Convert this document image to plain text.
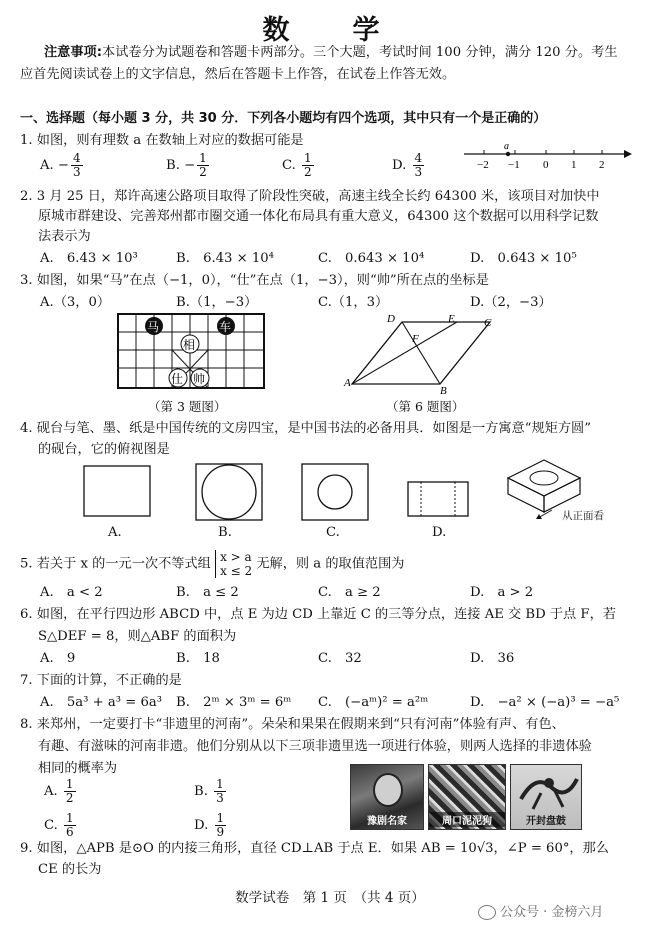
数　学
注意事项:本试卷分为试题卷和答题卡两部分。三个大题，考试时间 100 分钟，满分 120 分。考生
应首先阅读试卷上的文字信息，然后在答题卡上作答，在试卷上作答无效。
一、选择题（每小题 3 分，共 30 分．下列各小题均有四个选项，其中只有一个是正确的）
1. 如图，则有理数 a 在数轴上对应的数据可能是
A. − $\frac{4}{3}$	B. − $\frac{1}{2}$	C. $\frac{1}{2}$	D. $\frac{4}{3}$
a
−2 −1 0 1 2
2. 3 月 25 日，郑许高速公路项目取得了阶段性突破，高速主线全长约 64300 米，该项目对加快中
原城市群建设、完善郑州都市圈交通一体化布局具有重大意义，64300 这个数据可以用科学记数
法表示为
A.　6.43 × 10³	B.　6.43 × 10⁴	C.　0.643 × 10⁴	D.　0.643 × 10⁵
3. 如图，如果“马”在点（−1，0），“仕”在点（1，−3），则“帅”所在点的坐标是
A.（3，0）	B.（1，−3）	C.（1，3）	D.（2，−3）
马	车
相
仕 帅
（第 3 题图）
D	E	C
F
A
B
（第 6 题图）
4. 砚台与笔、墨、纸是中国传统的文房四宝，是中国书法的必备用具．如图是一方寓意“规矩方圆”
的砚台，它的俯视图是
从正面看
A.	B.	C.	D.
5. 若关于 x 的一元一次不等式组 x > a
x ≤ 2 无解，则 a 的取值范围为
A.　a < 2	B.　a ≤ 2	C.　a ≥ 2	D.　a > 2
6. 如图，在平行四边形 ABCD 中，点 E 为边 CD 上靠近 C 的三等分点，连接 AE 交 BD 于点 F，若
S△DEF = 8，则△ABF 的面积为
A.　9	B.　18	C.　32	D.　36
7. 下面的计算，不正确的是
A.　5a³ + a³ = 6a³ B.　2ᵐ × 3ᵐ = 6ᵐ C.　(−aᵐ)² = a²ᵐ	D.　−a² × (−a)³ = −a⁵
8. 来郑州，一定要打卡“非遗里的河南”。朵朵和果果在假期来到“只有河南”体验有声、有色、
有趣、有滋味的河南非遗。他们分别从以下三项非遗里选一项进行体验，则两人选择的非遗体验
相同的概率为
A. $\frac{1}{2}$	B. $\frac{1}{3}$
C. $\frac{1}{6}$	D. $\frac{1}{9}$	豫剧名家	周口泥泥狗	开封盘鼓
9. 如图，△APB 是⊙O 的内接三角形，直径 CD⊥AB 于点 E．如果 AB = 10√3，∠P = 60°，那么
CE 的长为
数学试卷　第 1 页　（共 4 页）
公众号 · 金榜六月
